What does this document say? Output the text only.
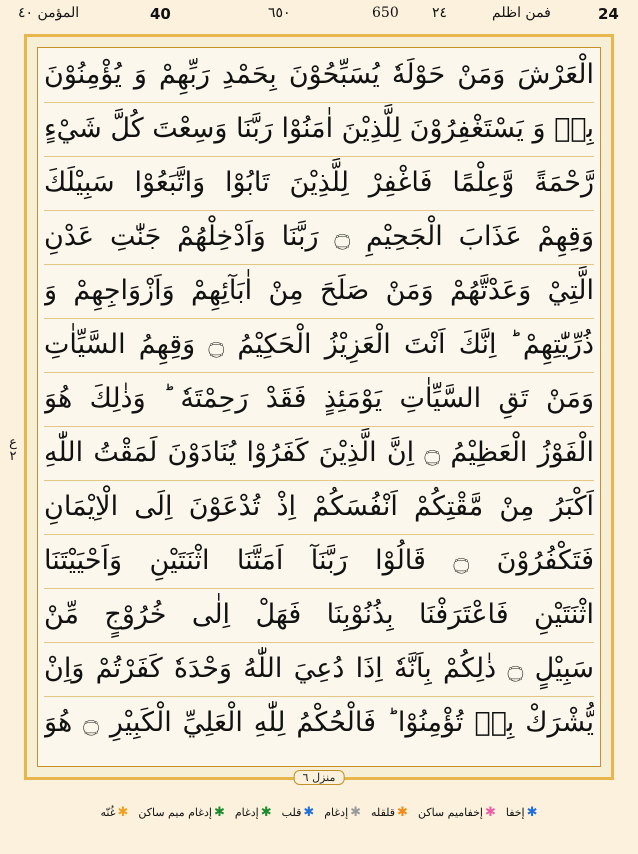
المؤمن ٤٠	40	٦٥٠	650 ٢٤	فمن اظلم	24
ع ٢
الْعَرْشَ وَمَنْ حَوْلَهٗ يُسَبِّحُوْنَ بِحَمْدِ رَبِّهِمْ وَ يُؤْمِنُوْنَ
بِهٖ وَ يَسْتَغْفِرُوْنَ لِلَّذِيْنَ اٰمَنُوْا رَبَّنَا وَسِعْتَ كُلَّ شَيْءٍ
رَّحْمَةً وَّعِلْمًا فَاغْفِرْ لِلَّذِيْنَ تَابُوْا وَاتَّبَعُوْا سَبِيْلَكَ
وَقِهِمْ عَذَابَ الْجَحِيْمِ ۝ رَبَّنَا وَاَدْخِلْهُمْ جَنّٰتِ عَدْنِ
الَّتِيْ وَعَدْتَّهُمْ وَمَنْ صَلَحَ مِنْ اٰبَآئِهِمْ وَاَزْوَاجِهِمْ وَ
ذُرِّيّٰتِهِمْ ؕ اِنَّكَ اَنْتَ الْعَزِيْزُ الْحَكِيْمُ ۝ وَقِهِمُ السَّيِّاٰتِ
وَمَنْ تَقِ السَّيِّاٰتِ يَوْمَئِذٍ فَقَدْ رَحِمْتَهٗ ؕ وَذٰلِكَ هُوَ
الْفَوْزُ الْعَظِيْمُ ۝ اِنَّ الَّذِيْنَ كَفَرُوْا يُنَادَوْنَ لَمَقْتُ اللّٰهِ
اَكْبَرُ مِنْ مَّقْتِكُمْ اَنْفُسَكُمْ اِذْ تُدْعَوْنَ اِلَى الْاِيْمَانِ
فَتَكْفُرُوْنَ ۝ قَالُوْا رَبَّنَآ اَمَتَّنَا اثْنَتَيْنِ وَاَحْيَيْتَنَا
اثْنَتَيْنِ فَاعْتَرَفْنَا بِذُنُوْبِنَا فَهَلْ اِلٰى خُرُوْجٍ مِّنْ
سَبِيْلٍ ۝ ذٰلِكُمْ بِاَنَّهٗ اِذَا دُعِيَ اللّٰهُ وَحْدَهٗ كَفَرْتُمْ وَاِنْ
يُّشْرَكْ بِهٖ تُؤْمِنُوْا ؕ فَالْحُكْمُ لِلّٰهِ الْعَلِيِّ الْكَبِيْرِ ۝ هُوَ
منزل ٦
✱
إخفا
✱
إخفاميم ساكن
✱
قلقله
✱
إدغام
✱
قلب
✱
إدغام
✱
إدغام ميم ساكن
✱
غُنّه
